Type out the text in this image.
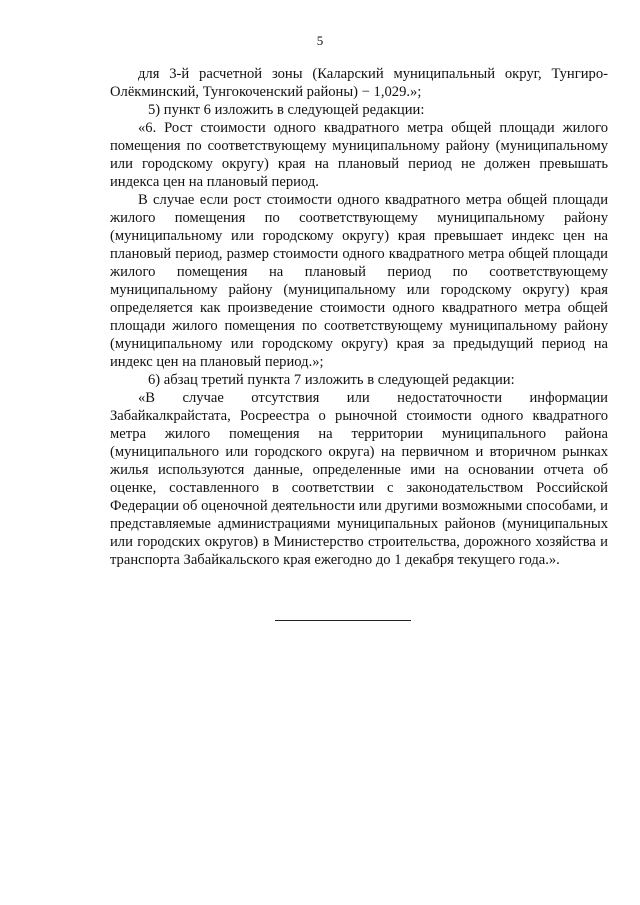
5

для 3-й расчетной зоны (Каларский муниципальный округ, Тунгиро-Олёкминский, Тунгокоченский районы) − 1,029.»;

5) пункт 6 изложить в следующей редакции:

«6. Рост стоимости одного квадратного метра общей площади жилого помещения по соответствующему муниципальному району (муниципальному или городскому округу) края на плановый период не должен превышать индекса цен на плановый период.

В случае если рост стоимости одного квадратного метра общей площади жилого помещения по соответствующему муниципальному району (муниципальному или городскому округу) края превышает индекс цен на плановый период, размер стоимости одного квадратного метра общей площади жилого помещения на плановый период по соответствующему муниципальному району (муниципальному или городскому округу) края определяется как произведение стоимости одного квадратного метра общей площади жилого помещения по соответствующему муниципальному району (муниципальному или городскому округу) края за предыдущий период на индекс цен на плановый период.»;

6) абзац третий пункта 7 изложить в следующей редакции:

«В случае отсутствия или недостаточности информации Забайкалкрайстата, Росреестра о рыночной стоимости одного квадратного метра жилого помещения на территории муниципального района (муниципального или городского округа) на первичном и вторичном рынках жилья используются данные, определенные ими на основании отчета об оценке, составленного в соответствии с законодательством Российской Федерации об оценочной деятельности или другими возможными способами, и представляемые администрациями муниципальных районов (муниципальных или городских округов) в Министерство строительства, дорожного хозяйства и транспорта Забайкальского края ежегодно до 1 декабря текущего года.».
